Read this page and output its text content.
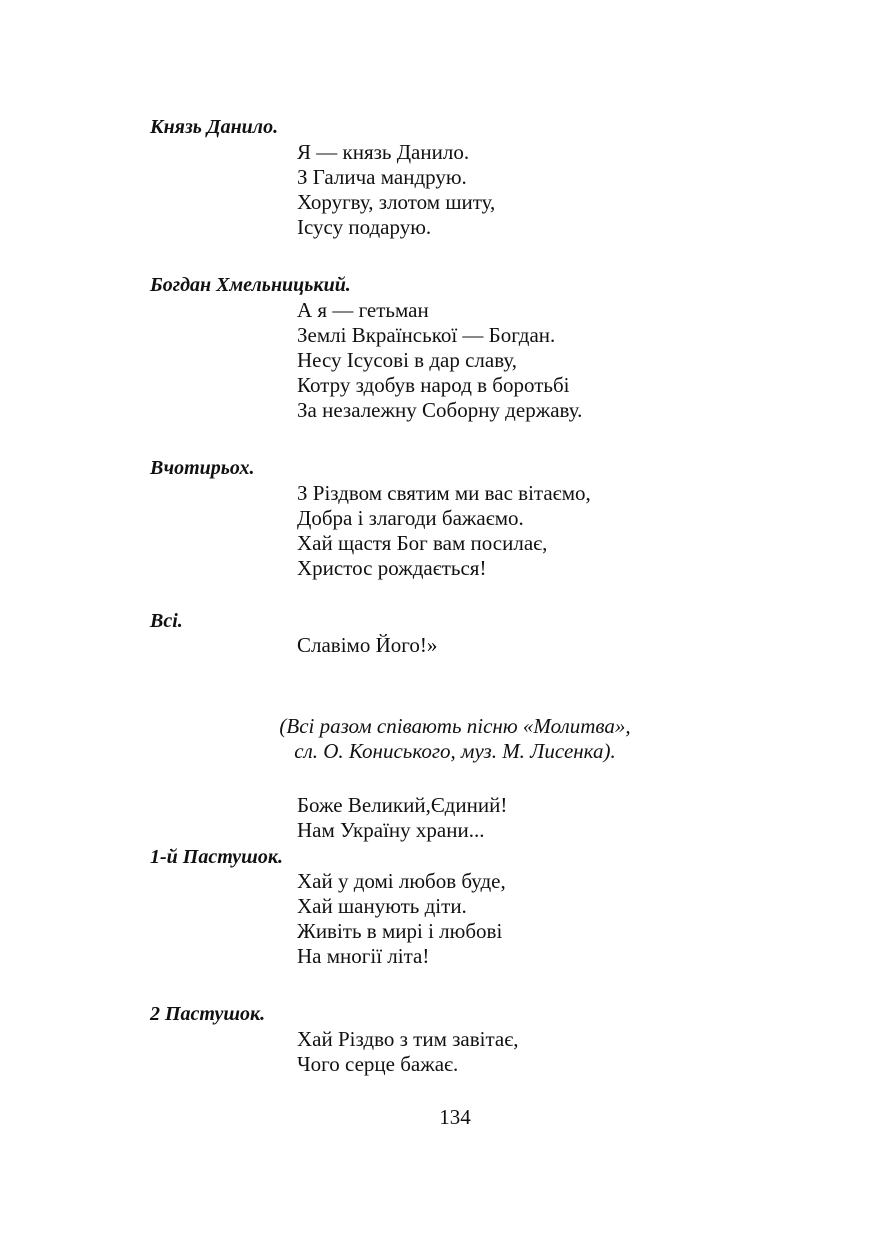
Князь Данило.
Я — князь Данило.
З Галича мандрую.
Хоругву, злотом шиту,
Ісусу подарую.
Богдан Хмельницький.
А я — гетьман
Землі Вкраїнської — Богдан.
Несу Ісусові в дар славу,
Котру здобув народ в боротьбі
За незалежну Соборну державу.
Вчотирьох.
З Різдвом святим ми вас вітаємо,
Добра і злагоди бажаємо.
Хай щастя Бог вам посилає,
Христос рождається!
Всі.
Славімо Його!»
(Всі разом співають пісню «Молитва»,
сл. О. Кониського, муз. М. Лисенка).
Боже Великий,Єдиний!
Нам Україну храни...
1-й Пастушок.
Хай у домі любов буде,
Хай шанують діти.
Живіть в мирі і любові
На многії літа!
2 Пастушок.
Хай Різдво з тим завітає,
Чого серце бажає.
134
